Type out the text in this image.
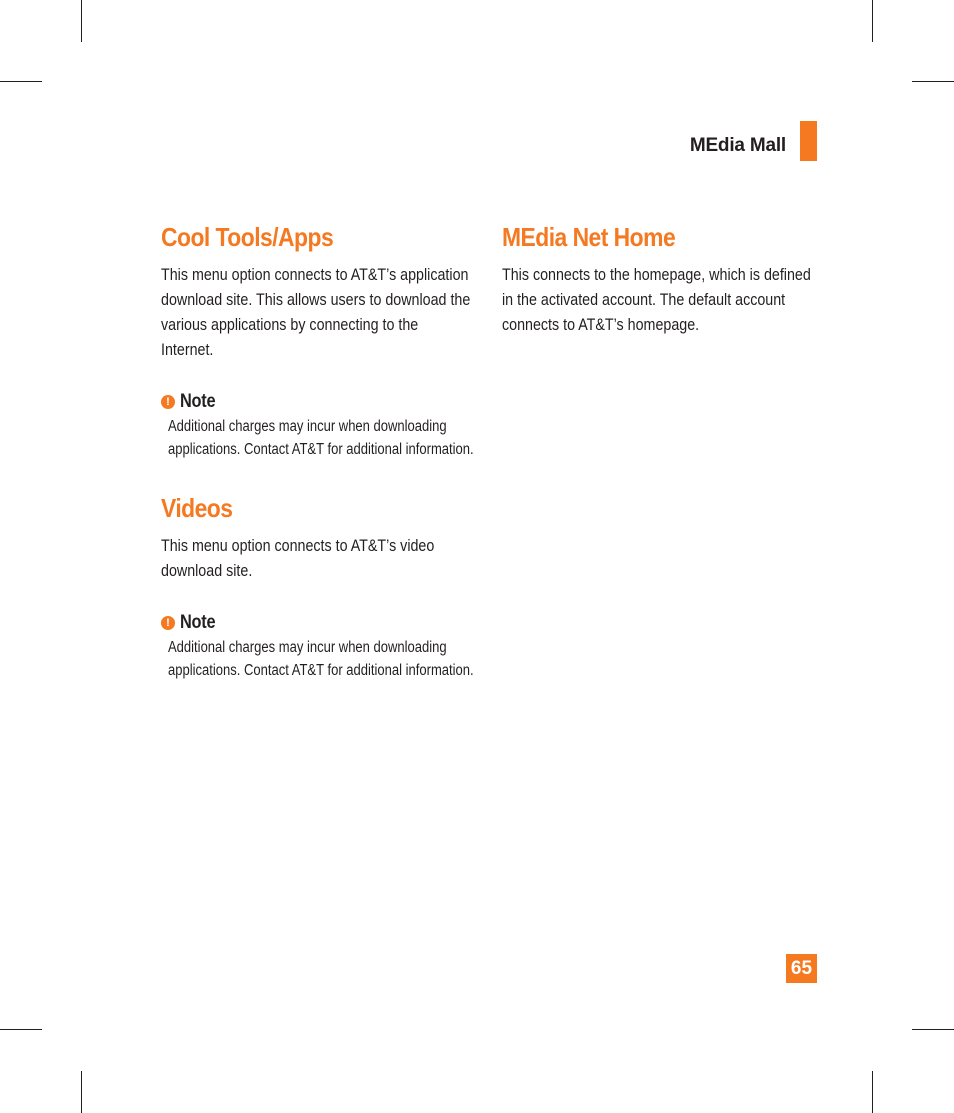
MEdia Mall
Cool Tools/Apps

This menu option connects to AT&T’s application download site. This allows users to download the various applications by connecting to the Internet.

! Note

Additional charges may incur when downloading applications. Contact AT&T for additional information.

Videos

This menu option connects to AT&T’s video download site.

! Note

Additional charges may incur when downloading applications. Contact AT&T for additional information.

MEdia Net Home

This connects to the homepage, which is defined in the activated account. The default account connects to AT&T’s homepage.

65
